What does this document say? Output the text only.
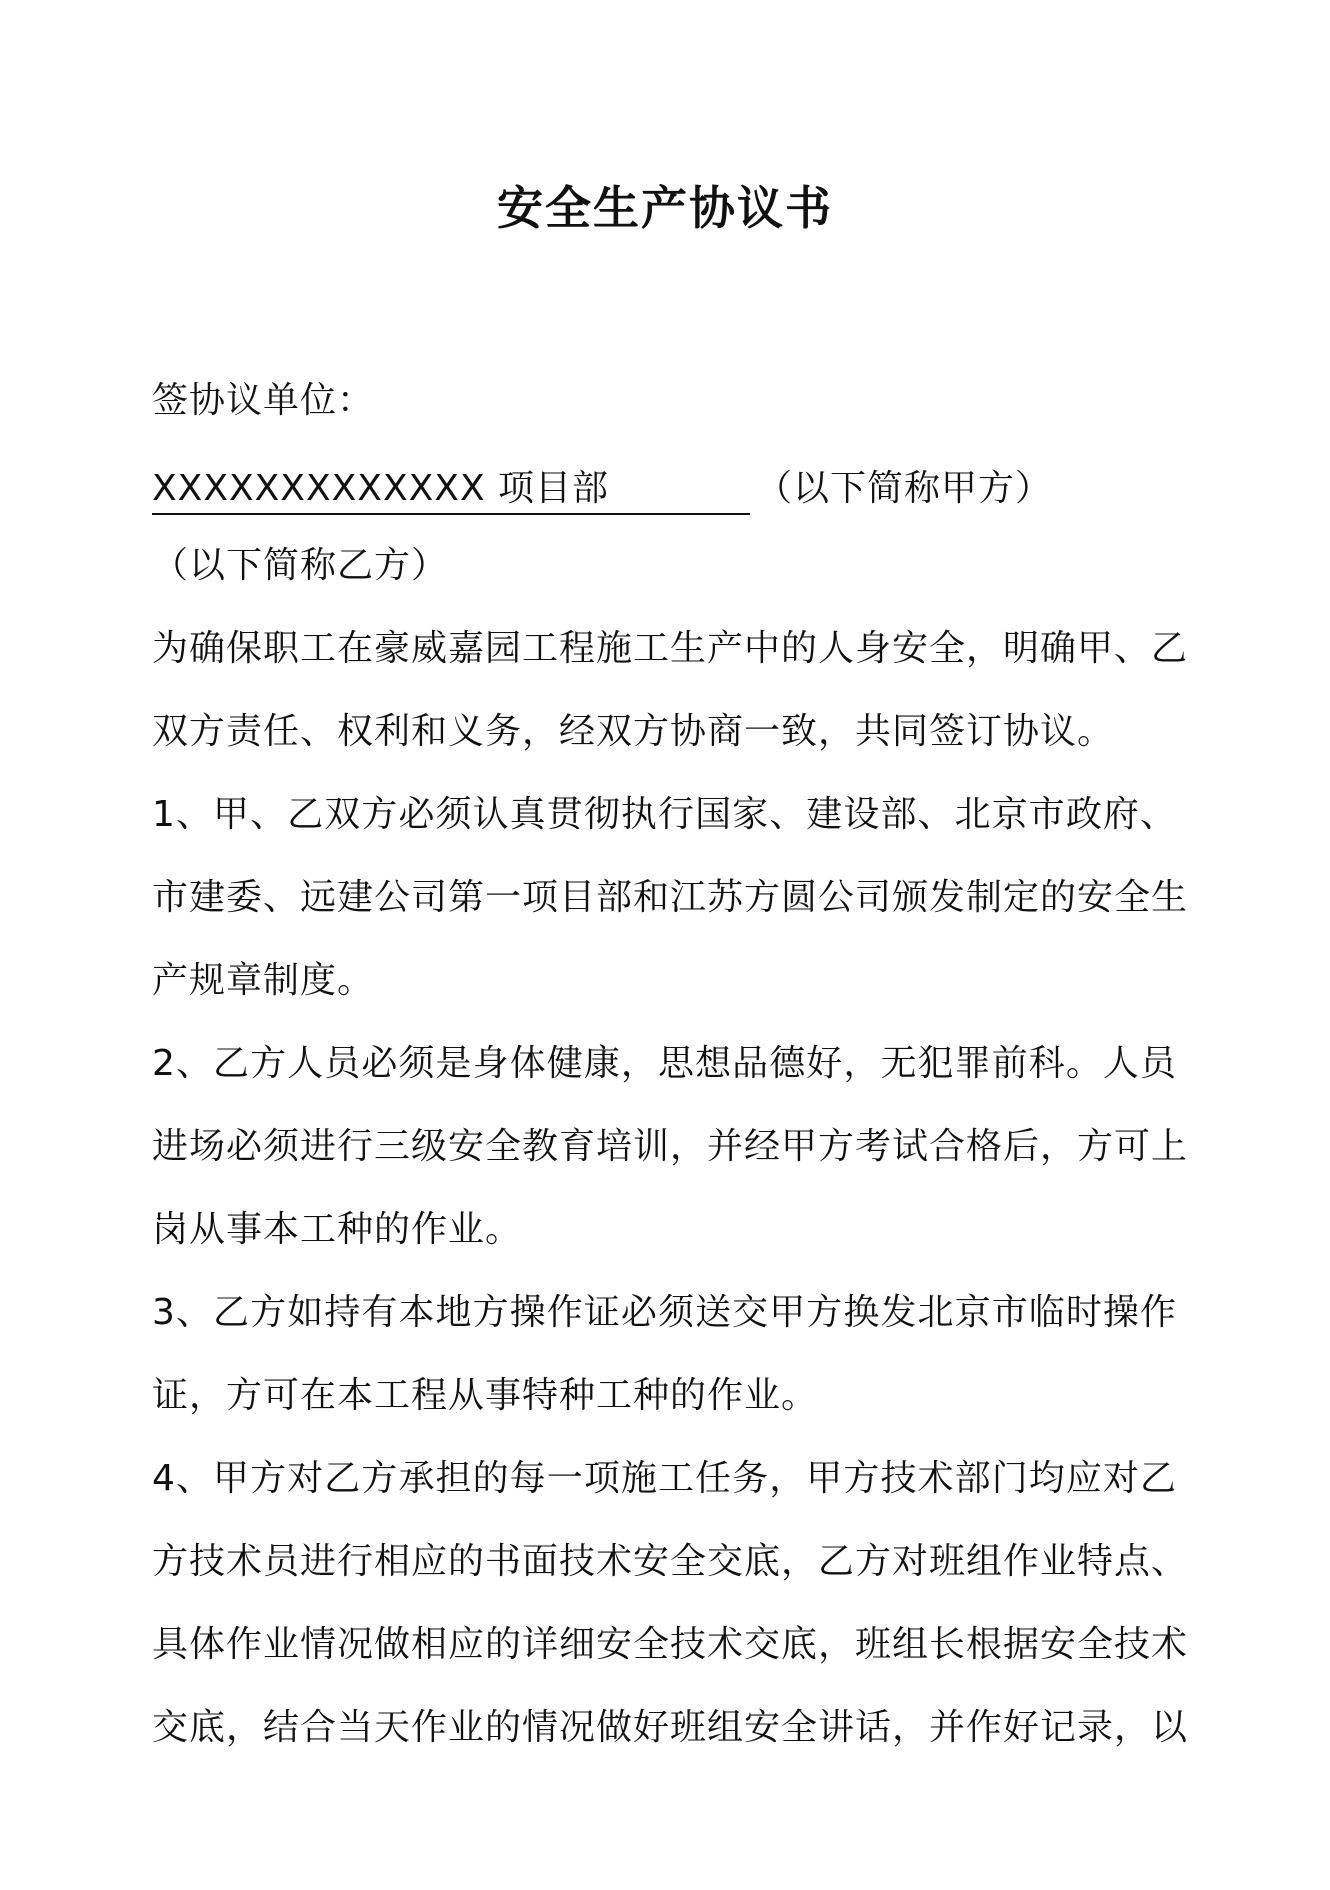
安全生产协议书
签协议单位：
XXXXXXXXXXXXX 项目部	（以下简称甲方）
（以下简称乙方）
为确保职工在豪威嘉园工程施工生产中的人身安全，明确甲、乙
双方责任、权利和义务，经双方协商一致，共同签订协议。
1、甲、乙双方必须认真贯彻执行国家、建设部、北京市政府、
市建委、远建公司第一项目部和江苏方圆公司颁发制定的安全生
产规章制度。
2、乙方人员必须是身体健康，思想品德好，无犯罪前科。人员
进场必须进行三级安全教育培训，并经甲方考试合格后，方可上
岗从事本工种的作业。
3、乙方如持有本地方操作证必须送交甲方换发北京市临时操作
证，方可在本工程从事特种工种的作业。
4、甲方对乙方承担的每一项施工任务，甲方技术部门均应对乙
方技术员进行相应的书面技术安全交底，乙方对班组作业特点、
具体作业情况做相应的详细安全技术交底，班组长根据安全技术
交底，结合当天作业的情况做好班组安全讲话，并作好记录，以
